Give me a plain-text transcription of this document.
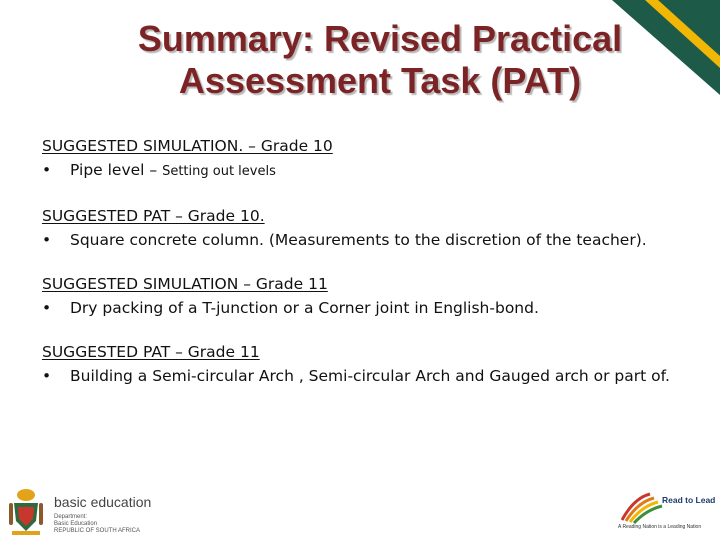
Summary: Revised Practical
Assessment Task (PAT)
SUGGESTED SIMULATION. – Grade 10
• Pipe level – Setting out levels
SUGGESTED PAT – Grade 10.
• Square concrete column. (Measurements to the discretion of the teacher).
SUGGESTED SIMULATION – Grade 11
• Dry packing of a T-junction or a Corner joint in English-bond.
SUGGESTED PAT – Grade 11
• Building a Semi-circular Arch , Semi-circular Arch and Gauged arch or part of.
basic education
Department:
Basic Education
REPUBLIC OF SOUTH AFRICA
Read to Lead
A Reading Nation is a Leading Nation
